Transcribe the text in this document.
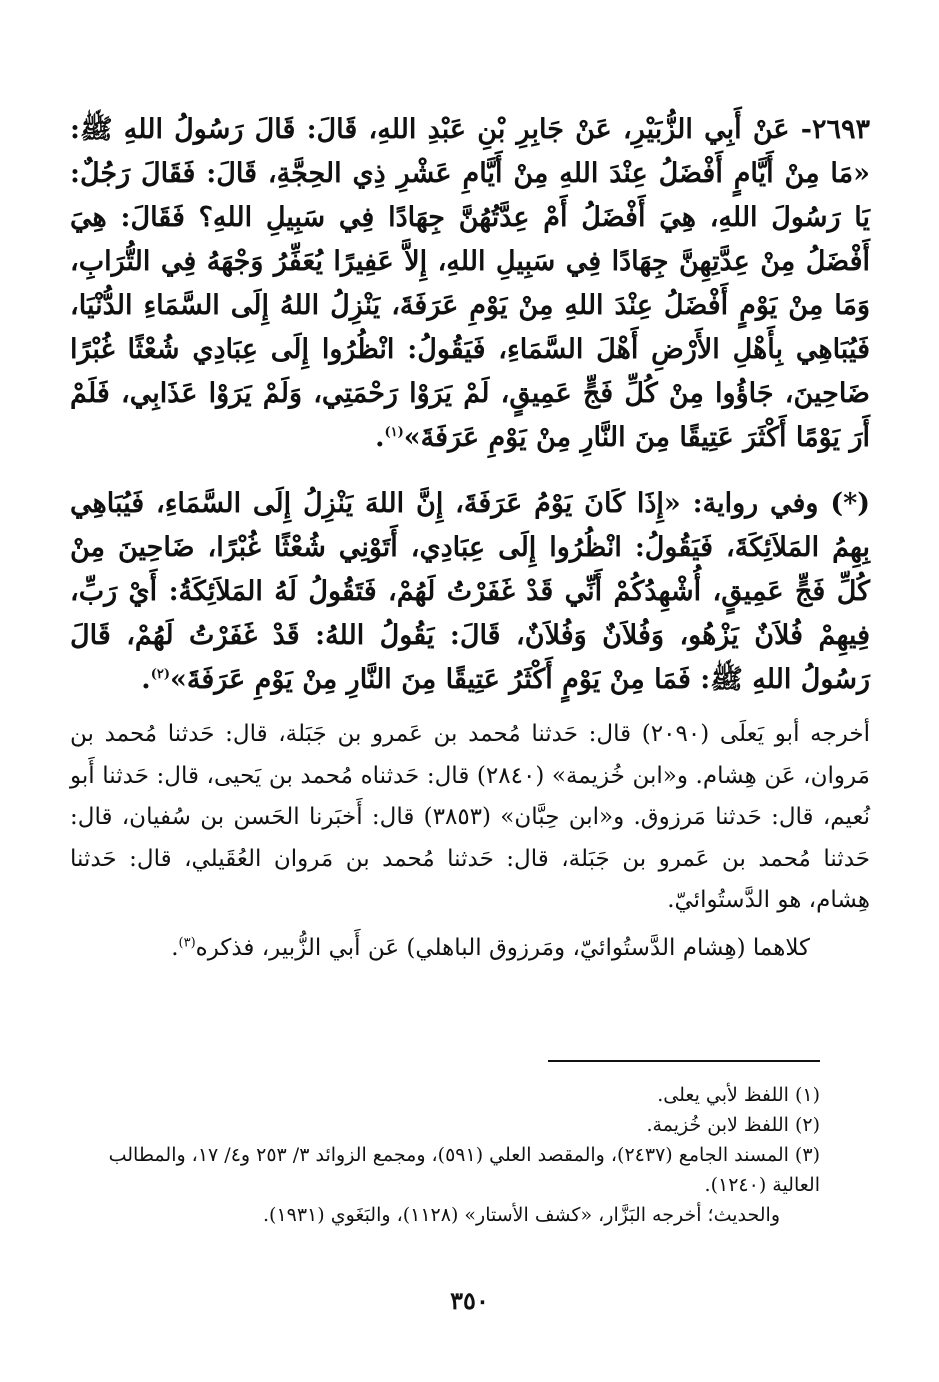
٢٦٩٣- عَنْ أَبِي الزُّبَيْرِ، عَنْ جَابِرِ بْنِ عَبْدِ اللهِ، قَالَ: قَالَ رَسُولُ اللهِ ﷺ: «مَا مِنْ أَيَّامٍ أَفْضَلُ عِنْدَ اللهِ مِنْ أَيَّامِ عَشْرِ ذِي الحِجَّةِ، قَالَ: فَقَالَ رَجُلٌ: يَا رَسُولَ اللهِ، هِيَ أَفْضَلُ أَمْ عِدَّتُهُنَّ جِهَادًا فِي سَبِيلِ اللهِ؟ فَقَالَ: هِيَ أَفْضَلُ مِنْ عِدَّتِهِنَّ جِهَادًا فِي سَبِيلِ اللهِ، إِلاَّ عَفِيرًا يُعَفِّرُ وَجْهَهُ فِي التُّرَابِ، وَمَا مِنْ يَوْمٍ أَفْضَلُ عِنْدَ اللهِ مِنْ يَوْمِ عَرَفَةَ، يَنْزِلُ اللهُ إِلَى السَّمَاءِ الدُّنْيَا، فَيُبَاهِي بِأَهْلِ الأَرْضِ أَهْلَ السَّمَاءِ، فَيَقُولُ: انْظُرُوا إِلَى عِبَادِي شُعْثًا غُبْرًا ضَاحِينَ، جَاؤُوا مِنْ كُلِّ فَجٍّ عَمِيقٍ، لَمْ يَرَوْا رَحْمَتِي، وَلَمْ يَرَوْا عَذَابِي، فَلَمْ أَرَ يَوْمًا أَكْثَرَ عَتِيقًا مِنَ النَّارِ مِنْ يَوْمِ عَرَفَةَ»$^{(١)}$.

(*) وفي رواية: «إِذَا كَانَ يَوْمُ عَرَفَةَ، إِنَّ اللهَ يَنْزِلُ إِلَى السَّمَاءِ، فَيُبَاهِي بِهِمُ المَلاَئِكَةَ، فَيَقُولُ: انْظُرُوا إِلَى عِبَادِي، أَتَوْنِي شُعْثًا غُبْرًا، ضَاحِينَ مِنْ كُلِّ فَجٍّ عَمِيقٍ، أُشْهِدُكُمْ أَنِّي قَدْ غَفَرْتُ لَهُمْ، فَتَقُولُ لَهُ المَلاَئِكَةُ: أَيْ رَبِّ، فِيهِمْ فُلاَنٌ يَزْهُو، وَفُلاَنٌ وَفُلاَنٌ، قَالَ: يَقُولُ اللهُ: قَدْ غَفَرْتُ لَهُمْ، قَالَ رَسُولُ اللهِ ﷺ: فَمَا مِنْ يَوْمٍ أَكْثَرُ عَتِيقًا مِنَ النَّارِ مِنْ يَوْمِ عَرَفَةَ»$^{(٢)}$.

أخرجه أبو يَعلَى (٢٠٩٠) قال: حَدثنا مُحمد بن عَمرو بن جَبَلة، قال: حَدثنا مُحمد بن مَروان، عَن هِشام. و«ابن خُزيمة» (٢٨٤٠) قال: حَدثناه مُحمد بن يَحيى، قال: حَدثنا أَبو نُعيم، قال: حَدثنا مَرزوق. و«ابن حِبَّان» (٣٨٥٣) قال: أَخبَرنا الحَسن بن سُفيان، قال: حَدثنا مُحمد بن عَمرو بن جَبَلة، قال: حَدثنا مُحمد بن مَروان العُقَيلي، قال: حَدثنا هِشام، هو الدَّستُوائيّ.

كلاهما (هِشام الدَّستُوائيّ، ومَرزوق الباهلي) عَن أَبي الزُّبير، فذكره$^{(٣)}$.

(١) اللفظ لأبي يعلى.

(٢) اللفظ لابن خُزيمة.

(٣) المسند الجامع (٢٤٣٧)، والمقصد العلي (٥٩١)، ومجمع الزوائد ٣/ ٢٥٣ و٤/ ١٧، والمطالب العالية (١٢٤٠).

والحديث؛ أخرجه البَزَّار، «كشف الأستار» (١١٢٨)، والبَغَوي (١٩٣١).

٣٥٠
